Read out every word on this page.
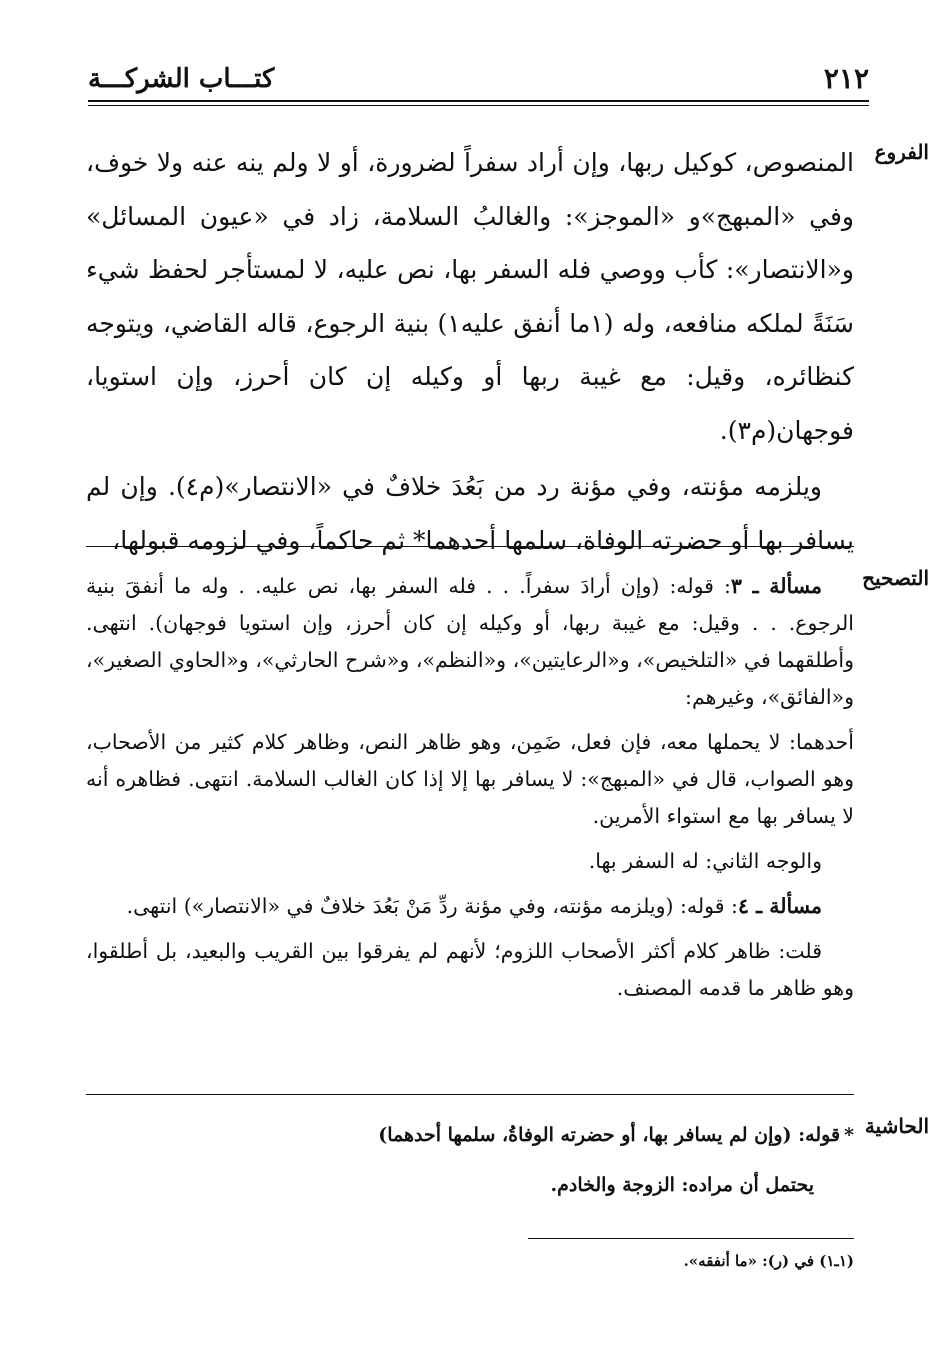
٢١٢
كتـــاب الشركـــة
الفروع

المنصوص، كوكيل ربها، وإن أراد سفراً لضرورة، أو لا ولم ينه عنه ولا خوف، وفي «المبهج»و «الموجز»: والغالبُ السلامة، زاد في «عيون المسائل» و«الانتصار»: كأب ووصي فله السفر بها، نص عليه، لا لمستأجر لحفظ شيء سَنَةً لملكه منافعه، وله (١ما أنفق عليه١) بنية الرجوع، قاله القاضي، ويتوجه كنظائره، وقيل: مع غيبة ربها أو وكيله إن كان أحرز، وإن استويا، فوجهان(م٣).

ويلزمه مؤنته، وفي مؤنة رد من بَعُدَ خلافٌ في «الانتصار»(م٤). وإن لم يسافر بها أو حضرته الوفاة، سلمها أحدهما* ثم حاكماً، وفي لزومه قبولها،

التصحيح

مسألة ـ ٣: قوله: (وإن أرادَ سفراً. . . فله السفر بها، نص عليه. . وله ما أنفقَ بنية الرجوع. . . وقيل: مع غيبة ربها، أو وكيله إن كان أحرز، وإن استويا فوجهان). انتهى. وأطلقهما في «التلخيص»، و«الرعايتين»، و«النظم»، و«شرح الحارثي»، و«الحاوي الصغير»، و«الفائق»، وغيرهم:

أحدهما: لا يحملها معه، فإن فعل، ضَمِن، وهو ظاهر النص، وظاهر كلام كثير من الأصحاب، وهو الصواب، قال في «المبهج»: لا يسافر بها إلا إذا كان الغالب السلامة. انتهى. فظاهره أنه لا يسافر بها مع استواء الأمرين.

والوجه الثاني: له السفر بها.

مسألة ـ ٤: قوله: (ويلزمه مؤنته، وفي مؤنة ردِّ مَنْ بَعُدَ خلافٌ في «الانتصار») انتهى.

قلت: ظاهر كلام أكثر الأصحاب اللزوم؛ لأنهم لم يفرقوا بين القريب والبعيد، بل أطلقوا، وهو ظاهر ما قدمه المصنف.

الحاشية

*قوله: (وإن لم يسافر بها، أو حضرته الوفاةُ، سلمها أحدهما)

يحتمل أن مراده: الزوجة والخادم.

(١ـ١) في (ر): «ما أنفقه».
